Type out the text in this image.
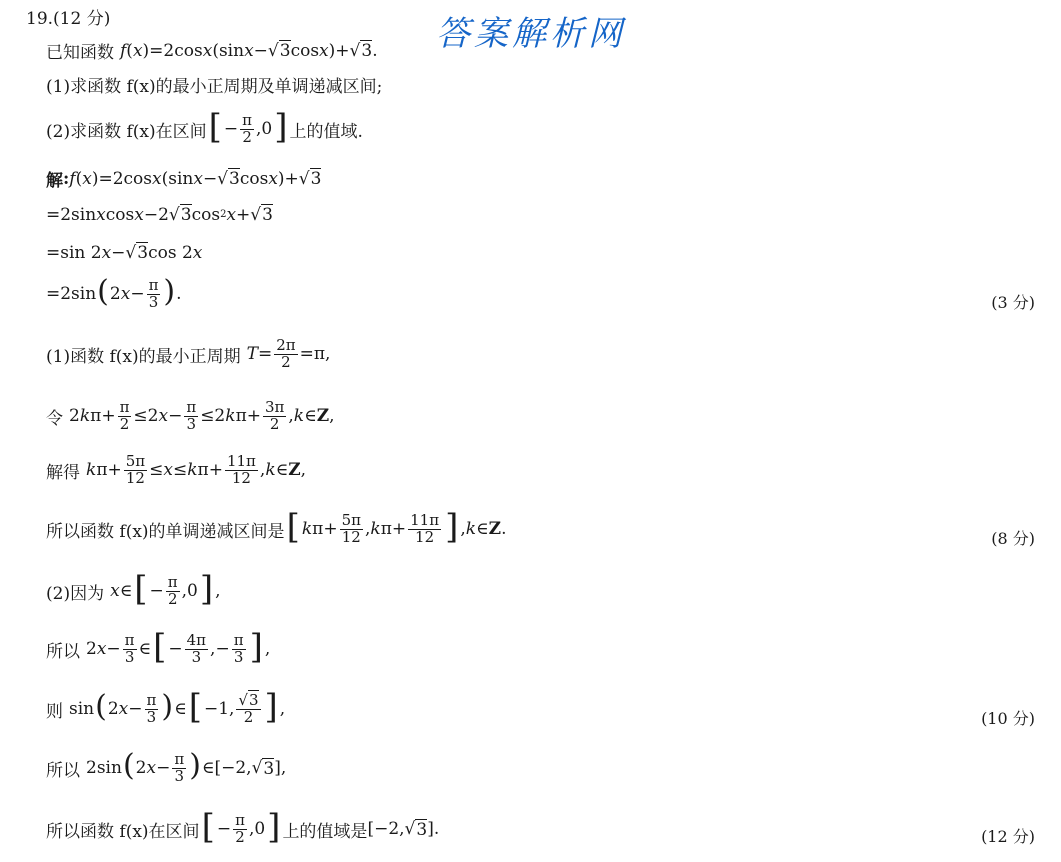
答案解析网
19.(12 分)
已知函数 f ( x )=2cos x (sin x −√ 3 cos x )+√ 3 .
(1)求函数 f(x)的最小正周期及单调递减区间;
(2)求函数 f(x)在区间 [ − $\frac{\pi}{2} ,0$ ] 上的值域.
解 : f ( x )=2cos x (sin x −√ 3 cos x )+√ 3
=2sin x cos x −2√ 3 cos 2 x +√ 3
=sin 2 x −√ 3 cos 2 x
=2sin ( 2 $x - \frac{\pi}{3}$ ) .	(3 分)
(1)函数 f(x)的最小正周期 $T = \frac{2\pi}{2} =\pi$,
令 2 k $\pi+ \frac{\pi}{2} \le 2$ $x - \frac{\pi}{3} \le 2$ k $\pi+ \frac{3\pi}{2}$ , k ∈ Z ,
解得 k $\pi+ \frac{5\pi}{12} \le x \le k$ $\pi+ \frac{11\pi}{12}$ , k ∈ Z ,
所以函数 f(x)的单调递减区间是 [ k $\pi+ \frac{5\pi}{12}$ , k $\pi+ \frac{11\pi}{12}$ ] , k ∈ Z .	(8 分)
(2)因为 x ∈ [ − $\frac{\pi}{2} ,0$ ] ,
所以 2 $x - \frac{\pi}{3}$ ∈ [ − $\frac{4\pi}{3}$ ,− $\frac{\pi}{3}$ ] ,
则 sin ( 2 $x - \frac{\pi}{3}$ ) ∈ [ −1, $\frac{√3}{2}$ ] ,	(10 分)
所以 2sin ( 2 $x - \frac{\pi}{3}$ ) ∈[−2,√ 3 ],
所以函数 f(x)在区间 [ − $\frac{\pi}{2} ,0$ ] 上的值域是 [−2,√ 3 ].	(12 分)
